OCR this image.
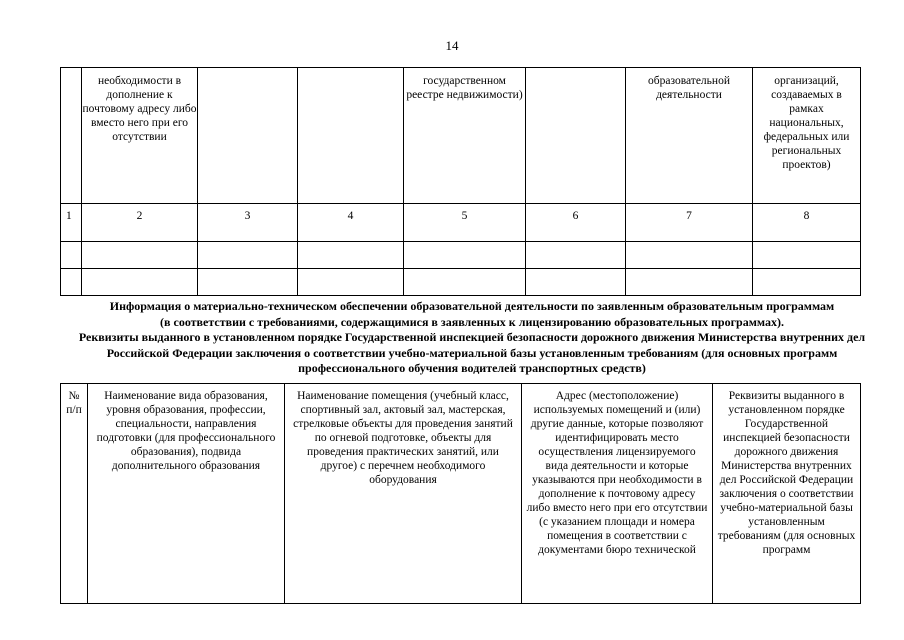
14
	необходимости в дополнение к почтовому адресу либо вместо него при его отсутствии			государственном реестре недвижимости)		образовательной деятельности	организаций, создаваемых в рамках национальных, федеральных или региональных проектов)
1	2	3	4	5	6	7	8

Информация о материально-техническом обеспечении образовательной деятельности по заявленным образовательным программам
(в соответствии с требованиями, содержащимися в заявленных к лицензированию образовательных программах).
Реквизиты выданного в установленном порядке Государственной инспекцией безопасности дорожного движения Министерства внутренних дел Российской Федерации заключения о соответствии учебно-материальной базы установленным требованиям (для основных программ профессионального обучения водителей транспортных средств)
№ п/п	Наименование вида образования, уровня образования, профессии, специальности, направления подготовки (для профессионального образования), подвида дополнительного образования	Наименование помещения (учебный класс, спортивный зал, актовый зал, мастерская, стрелковые объекты для проведения занятий по огневой подготовке, объекты для проведения практических занятий, или другое) с перечнем необходимого оборудования	Адрес (местоположение) используемых помещений и (или) другие данные, которые позволяют идентифицировать место осуществления лицензируемого вида деятельности и которые указываются при необходимости в дополнение к почтовому адресу либо вместо него при его отсутствии (с указанием площади и номера помещения в соответствии с документами бюро технической	Реквизиты выданного в установленном порядке Государственной инспекцией безопасности дорожного движения Министерства внутренних дел Российской Федерации заключения о соответствии учебно-материальной базы установленным требованиям (для основных программ
